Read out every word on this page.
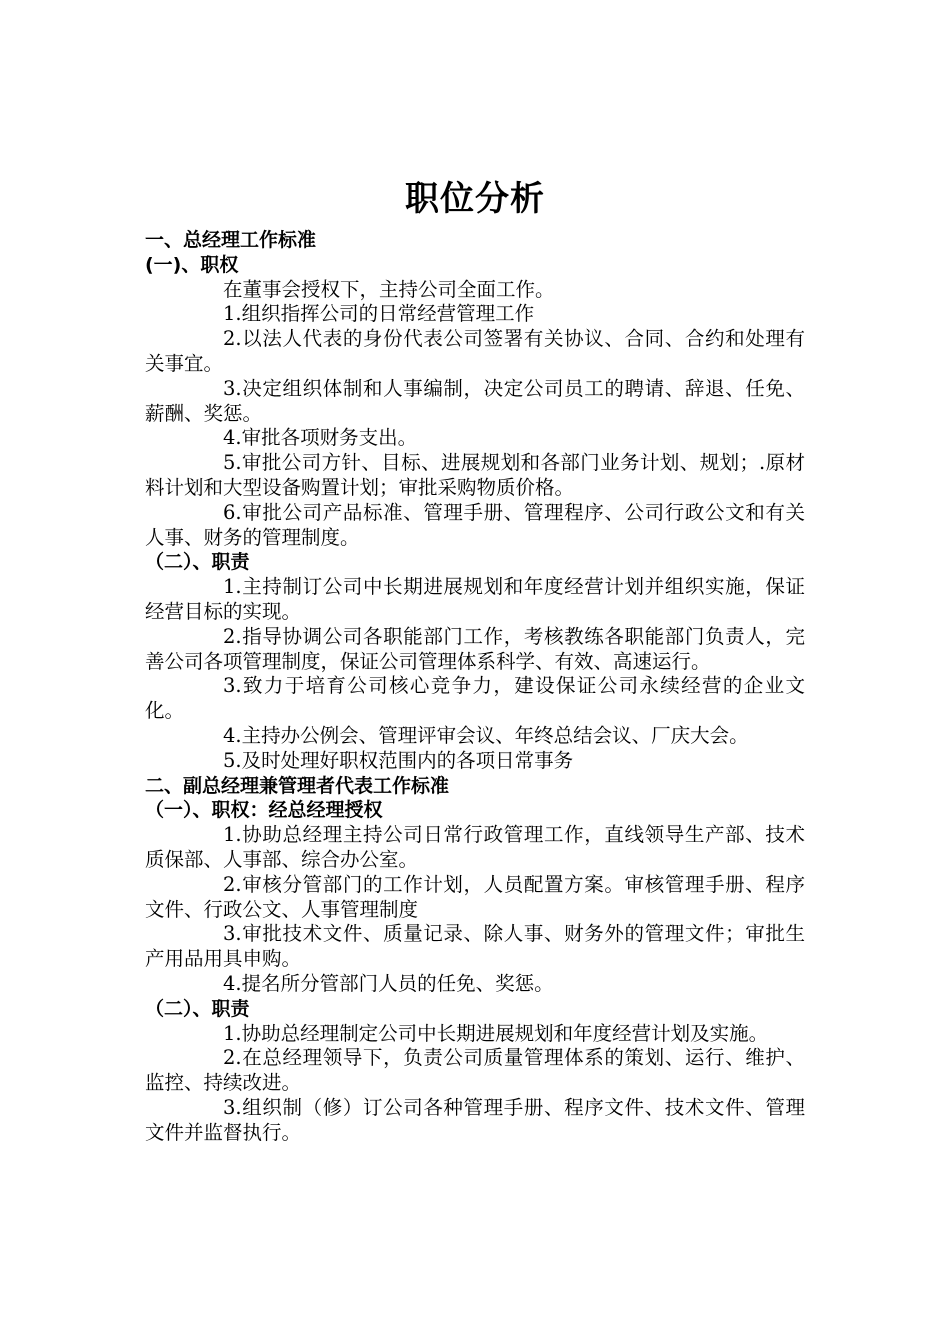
职位分析
一、总经理工作标准
(一)、职权

在董事会授权下，主持公司全面工作。

1.组织指挥公司的日常经营管理工作

2.以法人代表的身份代表公司签署有关协议、合同、合约和处理有关事宜。

3.决定组织体制和人事编制，决定公司员工的聘请、辞退、任免、薪酬、奖惩。

4.审批各项财务支出。

5.审批公司方针、目标、进展规划和各部门业务计划、规划；.原材料计划和大型设备购置计划；审批采购物质价格。

6.审批公司产品标准、管理手册、管理程序、公司行政公文和有关人事、财务的管理制度。

（二）、职责

1.主持制订公司中长期进展规划和年度经营计划并组织实施，保证经营目标的实现。

2.指导协调公司各职能部门工作，考核教练各职能部门负责人，完善公司各项管理制度，保证公司管理体系科学、有效、高速运行。

3.致力于培育公司核心竞争力，建设保证公司永续经营的企业文化。

4.主持办公例会、管理评审会议、年终总结会议、厂庆大会。

5.及时处理好职权范围内的各项日常事务

二、副总经理兼管理者代表工作标准
（一）、职权：经总经理授权

1.协助总经理主持公司日常行政管理工作，直线领导生产部、技术质保部、人事部、综合办公室。

2.审核分管部门的工作计划，人员配置方案。审核管理手册、程序文件、行政公文、人事管理制度

3.审批技术文件、质量记录、除人事、财务外的管理文件；审批生产用品用具申购。

4.提名所分管部门人员的任免、奖惩。

（二）、职责

1.协助总经理制定公司中长期进展规划和年度经营计划及实施。

2.在总经理领导下，负责公司质量管理体系的策划、运行、维护、监控、持续改进。

3.组织制（修）订公司各种管理手册、程序文件、技术文件、管理文件并监督执行。
